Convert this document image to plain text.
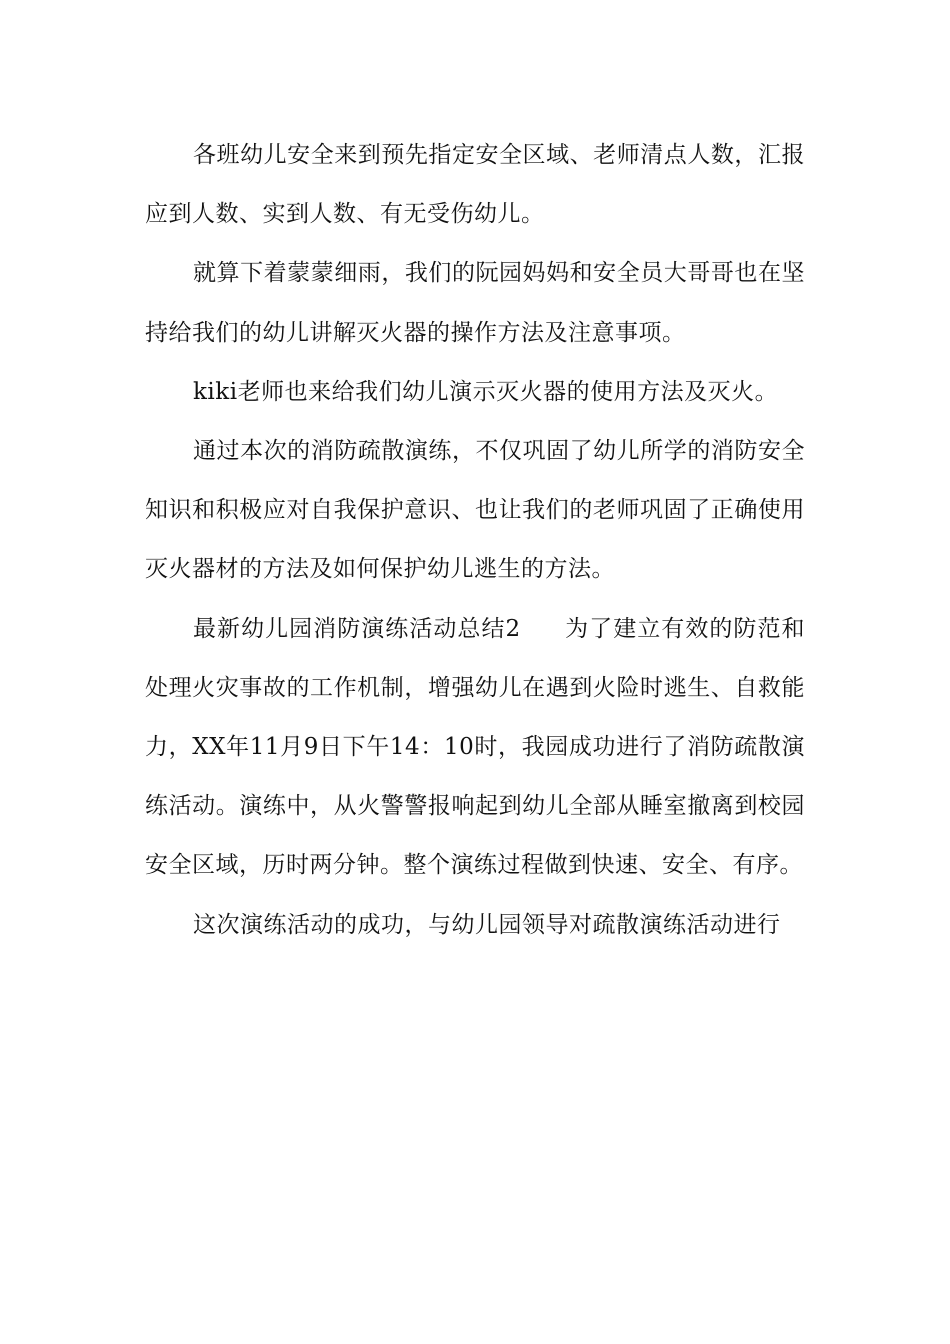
各班幼儿安全来到预先指定安全区域、老师清点人数，汇报应到人数、实到人数、有无受伤幼儿。

就算下着蒙蒙细雨，我们的阮园妈妈和安全员大哥哥也在坚持给我们的幼儿讲解灭火器的操作方法及注意事项。

kiki老师也来给我们幼儿演示灭火器的使用方法及灭火。

通过本次的消防疏散演练，不仅巩固了幼儿所学的消防安全知识和积极应对自我保护意识、也让我们的老师巩固了正确使用灭火器材的方法及如何保护幼儿逃生的方法。

最新幼儿园消防演练活动总结2 为了建立有效的防范和处理火灾事故的工作机制，增强幼儿在遇到火险时逃生、自救能力，XX年11月9日下午14：10时，我园成功进行了消防疏散演练活动。演练中，从火警警报响起到幼儿全部从睡室撤离到校园安全区域，历时两分钟。整个演练过程做到快速、安全、有序。

这次演练活动的成功，与幼儿园领导对疏散演练活动进行
